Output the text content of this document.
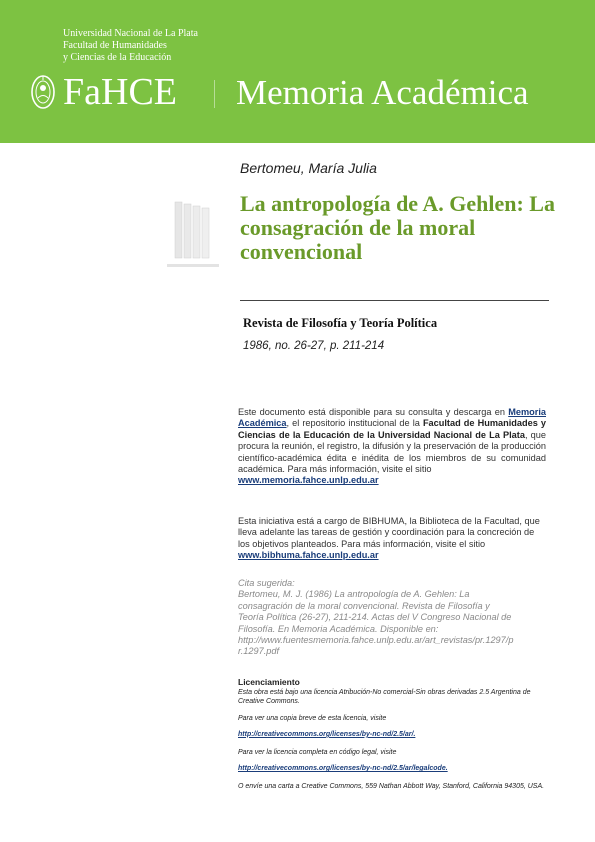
Universidad Nacional de La Plata
Facultad de Humanidades
y Ciencias de la Educación
FaHCE Memoria Académica
Bertomeu, María Julia
La antropología de A. Gehlen: La consagración de la moral convencional
Revista de Filosofía y Teoría Política
1986, no. 26-27, p. 211-214
Este documento está disponible para su consulta y descarga en Memoria Académica, el repositorio institucional de la Facultad de Humanidades y Ciencias de la Educación de la Universidad Nacional de La Plata, que procura la reunión, el registro, la difusión y la preservación de la producción científico-académica édita e inédita de los miembros de su comunidad académica. Para más información, visite el sitio
www.memoria.fahce.unlp.edu.ar
Esta iniciativa está a cargo de BIBHUMA, la Biblioteca de la Facultad, que lleva adelante las tareas de gestión y coordinación para la concreción de los objetivos planteados. Para más información, visite el sitio
www.bibhuma.fahce.unlp.edu.ar
Cita sugerida:
Bertomeu, M. J. (1986) La antropología de A. Gehlen: La
consagración de la moral convencional. Revista de Filosofía y
Teoría Política (26-27), 211-214. Actas del V Congreso Nacional de
Filosofía. En Memoria Académica. Disponible en:
http://www.fuentesmemoria.fahce.unlp.edu.ar/art_revistas/pr.1297/p
r.1297.pdf
Licenciamiento
Esta obra está bajo una licencia Atribución-No comercial-Sin obras derivadas 2.5 Argentina de Creative Commons.
Para ver una copia breve de esta licencia, visite
http://creativecommons.org/licenses/by-nc-nd/2.5/ar/.
Para ver la licencia completa en código legal, visite
http://creativecommons.org/licenses/by-nc-nd/2.5/ar/legalcode.
O envíe una carta a Creative Commons, 559 Nathan Abbott Way, Stanford, California 94305, USA.
